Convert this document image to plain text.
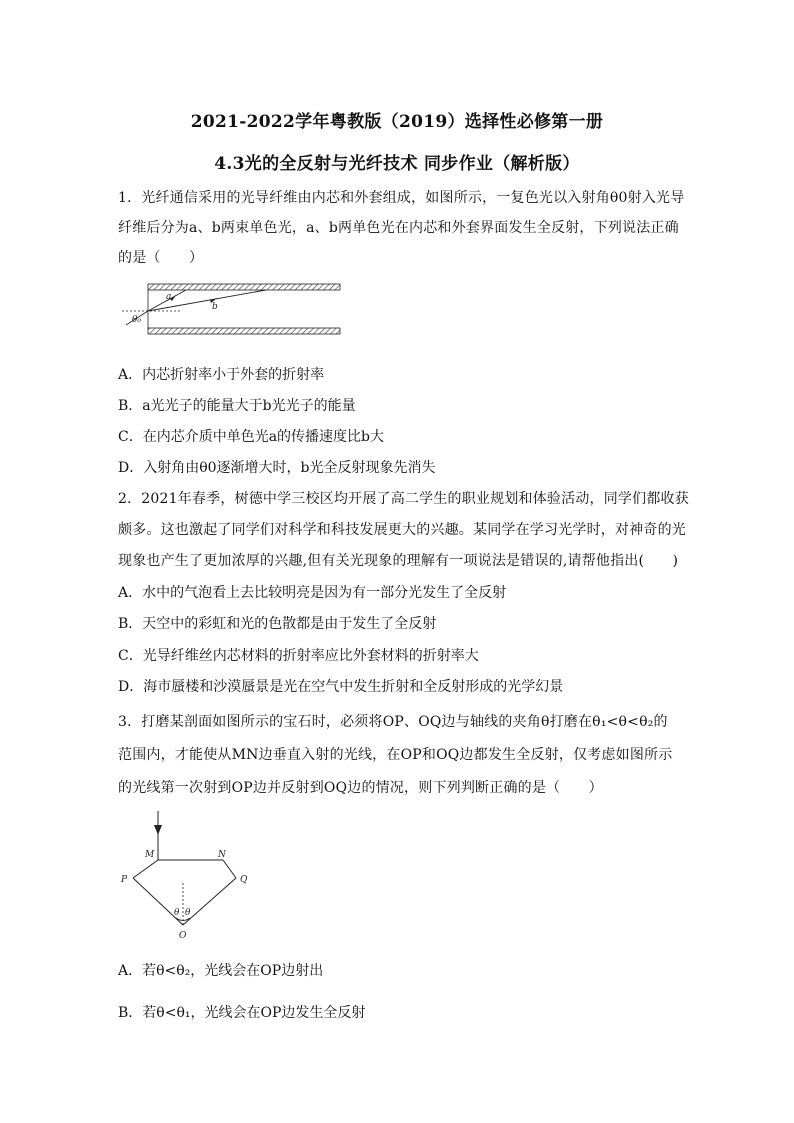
2021-2022学年粤教版（2019）选择性必修第一册
4.3光的全反射与光纤技术 同步作业（解析版）
1．光纤通信采用的光导纤维由内芯和外套组成，如图所示，一复色光以入射角θ0射入光导
纤维后分为a、b两束单色光，a、b两单色光在内芯和外套界面发生全反射，下列说法正确
的是（　　）
a
b
θ₀
A．内芯折射率小于外套的折射率
B．a光光子的能量大于b光光子的能量
C．在内芯介质中单色光a的传播速度比b大
D．入射角由θ0逐渐增大时，b光全反射现象先消失
2．2021年春季，树德中学三校区均开展了高二学生的职业规划和体验活动，同学们都收获
颇多。这也激起了同学们对科学和科技发展更大的兴趣。某同学在学习光学时，对神奇的光
现象也产生了更加浓厚的兴趣,但有关光现象的理解有一项说法是错误的,请帮他指出(　　)
A．水中的气泡看上去比较明亮是因为有一部分光发生了全反射
B．天空中的彩虹和光的色散都是由于发生了全反射
C．光导纤维丝内芯材料的折射率应比外套材料的折射率大
D．海市蜃楼和沙漠蜃景是光在空气中发生折射和全反射形成的光学幻景
3．打磨某剖面如图所示的宝石时，必须将OP、OQ边与轴线的夹角θ打磨在θ₁<θ<θ₂的
范围内，才能使从MN边垂直入射的光线，在OP和OQ边都发生全反射，仅考虑如图所示
的光线第一次射到OP边并反射到OQ边的情况，则下列判断正确的是（　　）
M	N
P	Q
O
θ θ
A．若θ<θ₂，光线会在OP边射出
B．若θ<θ₁，光线会在OP边发生全反射
